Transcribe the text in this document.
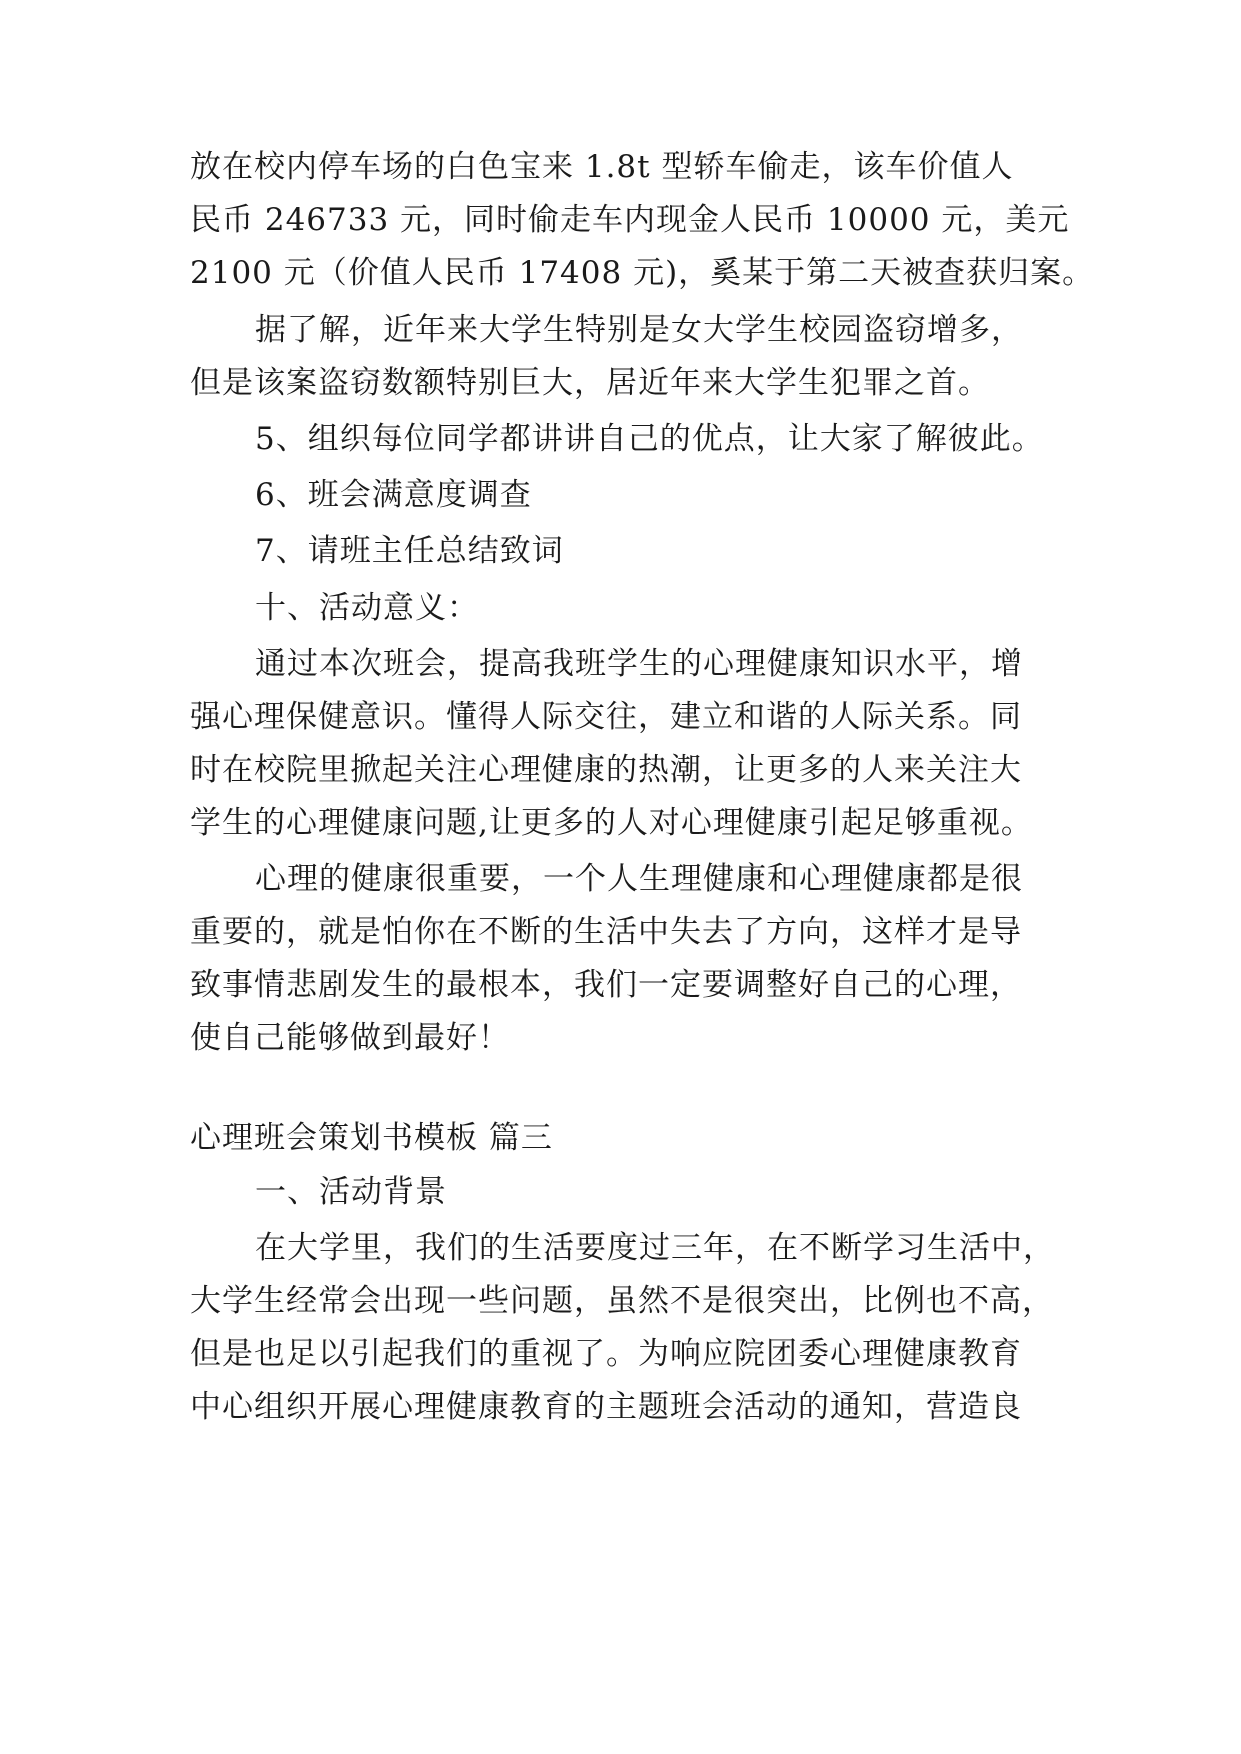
放在校内停车场的白色宝来 1.8t 型轿车偷走，该车价值人
民币 246733 元，同时偷走车内现金人民币 10000 元，美元
2100 元（价值人民币 17408 元)，奚某于第二天被查获归案。
据了解，近年来大学生特别是女大学生校园盗窃增多，
但是该案盗窃数额特别巨大，居近年来大学生犯罪之首。
5、组织每位同学都讲讲自己的优点，让大家了解彼此。
6、班会满意度调查
7、请班主任总结致词
十、活动意义：
通过本次班会，提高我班学生的心理健康知识水平，增
强心理保健意识。懂得人际交往，建立和谐的人际关系。同
时在校院里掀起关注心理健康的热潮，让更多的人来关注大
学生的心理健康问题,让更多的人对心理健康引起足够重视。
心理的健康很重要，一个人生理健康和心理健康都是很
重要的，就是怕你在不断的生活中失去了方向，这样才是导
致事情悲剧发生的最根本，我们一定要调整好自己的心理，
使自己能够做到最好！
心理班会策划书模板 篇三
一、活动背景
在大学里，我们的生活要度过三年，在不断学习生活中，
大学生经常会出现一些问题，虽然不是很突出，比例也不高，
但是也足以引起我们的重视了。为响应院团委心理健康教育
中心组织开展心理健康教育的主题班会活动的通知，营造良
